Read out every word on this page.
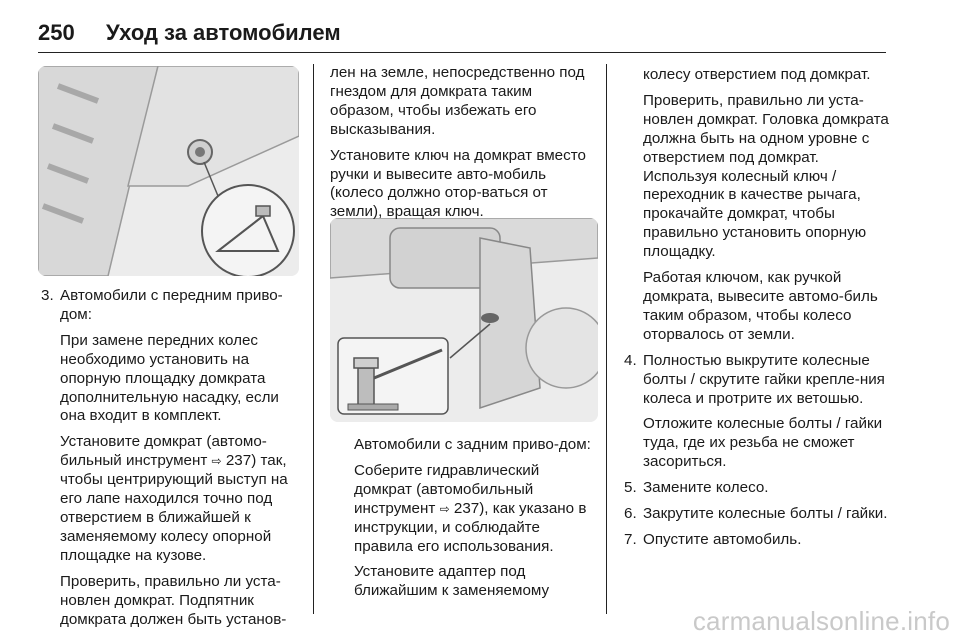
250 Уход за автомобилем
3. Автомобили с передним приво-дом:

При замене передних колес необходимо установить на опорную площадку домкрата дополнительную насадку, если она входит в комплект.

Установите домкрат (автомо-бильный инструмент ⇨ 237) так, чтобы центрирующий выступ на его лапе находился точно под отверстием в ближайшей к заменяемому колесу опорной площадке на кузове.

Проверить, правильно ли уста-новлен домкрат. Подпятник домкрата должен быть установ-

лен на земле, непосредственно под гнездом для домкрата таким образом, чтобы избежать его высказывания.

Установите ключ на домкрат вместо ручки и вывесите авто-мобиль (колесо должно отор-ваться от земли), вращая ключ.

Автомобили с задним приво-дом:

Соберите гидравлический домкрат (автомобильный инструмент ⇨ 237), как указано в инструкции, и соблюдайте правила его использования.

Установите адаптер под ближайшим к заменяемому

колесу отверстием под домкрат.

Проверить, правильно ли уста-новлен домкрат. Головка домкрата должна быть на одном уровне с отверстием под домкрат. Используя колесный ключ / переходник в качестве рычага, прокачайте домкрат, чтобы правильно установить опорную площадку.

Работая ключом, как ручкой домкрата, вывесите автомо-биль таким образом, чтобы колесо оторвалось от земли.

4. Полностью выкрутите колесные болты / скрутите гайки крепле-ния колеса и протрите их ветошью.

Отложите колесные болты / гайки туда, где их резьба не сможет засориться.

5. Замените колесо.

6. Закрутите колесные болты / гайки.

7. Опустите автомобиль.

carmanualsonline.info
